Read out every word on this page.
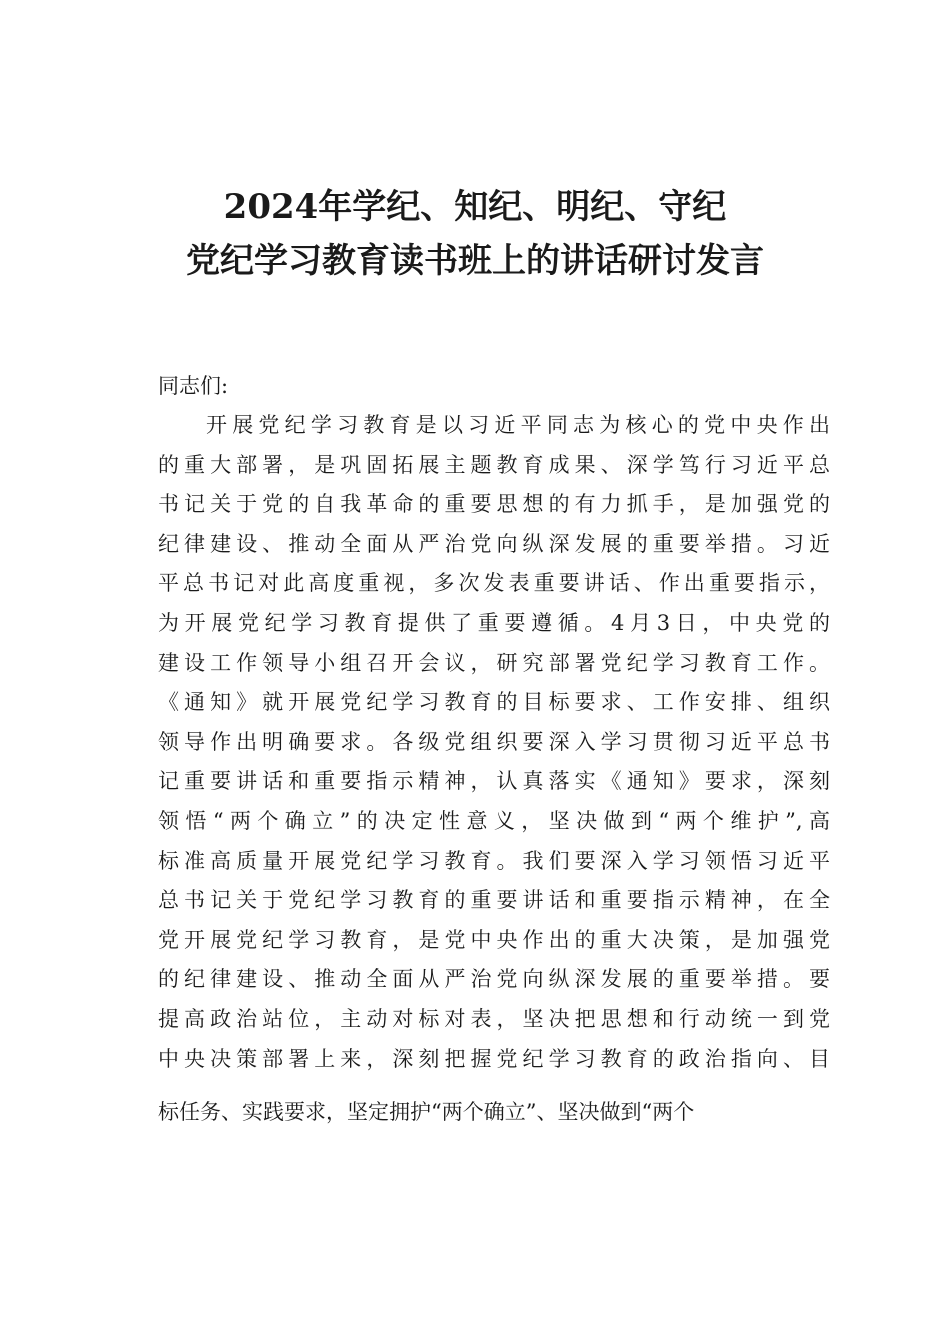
2024年学纪、知纪、明纪、守纪
党纪学习教育读书班上的讲话研讨发言
同志们:
开展党纪学习教育是以习近平同志为核心的党中央作出
的重大部署，是巩固拓展主题教育成果、深学笃行习近平总
书记关于党的自我革命的重要思想的有力抓手，是加强党的
纪律建设、推动全面从严治党向纵深发展的重要举措。习近
平总书记对此高度重视，多次发表重要讲话、作出重要指示，
为开展党纪学习教育提供了重要遵循。4月3日，中央党的
建设工作领导小组召开会议，研究部署党纪学习教育工作。
《通知》就开展党纪学习教育的目标要求、工作安排、组织
领导作出明确要求。各级党组织要深入学习贯彻习近平总书
记重要讲话和重要指示精神，认真落实《通知》要求，深刻
领悟“两个确立”的决定性意义，坚决做到“两个维护”,高
标准高质量开展党纪学习教育。我们要深入学习领悟习近平
总书记关于党纪学习教育的重要讲话和重要指示精神，在全
党开展党纪学习教育，是党中央作出的重大决策，是加强党
的纪律建设、推动全面从严治党向纵深发展的重要举措。要
提高政治站位，主动对标对表，坚决把思想和行动统一到党
中央决策部署上来，深刻把握党纪学习教育的政治指向、目
标任务、实践要求，坚定拥护“两个确立”、坚决做到“两个
